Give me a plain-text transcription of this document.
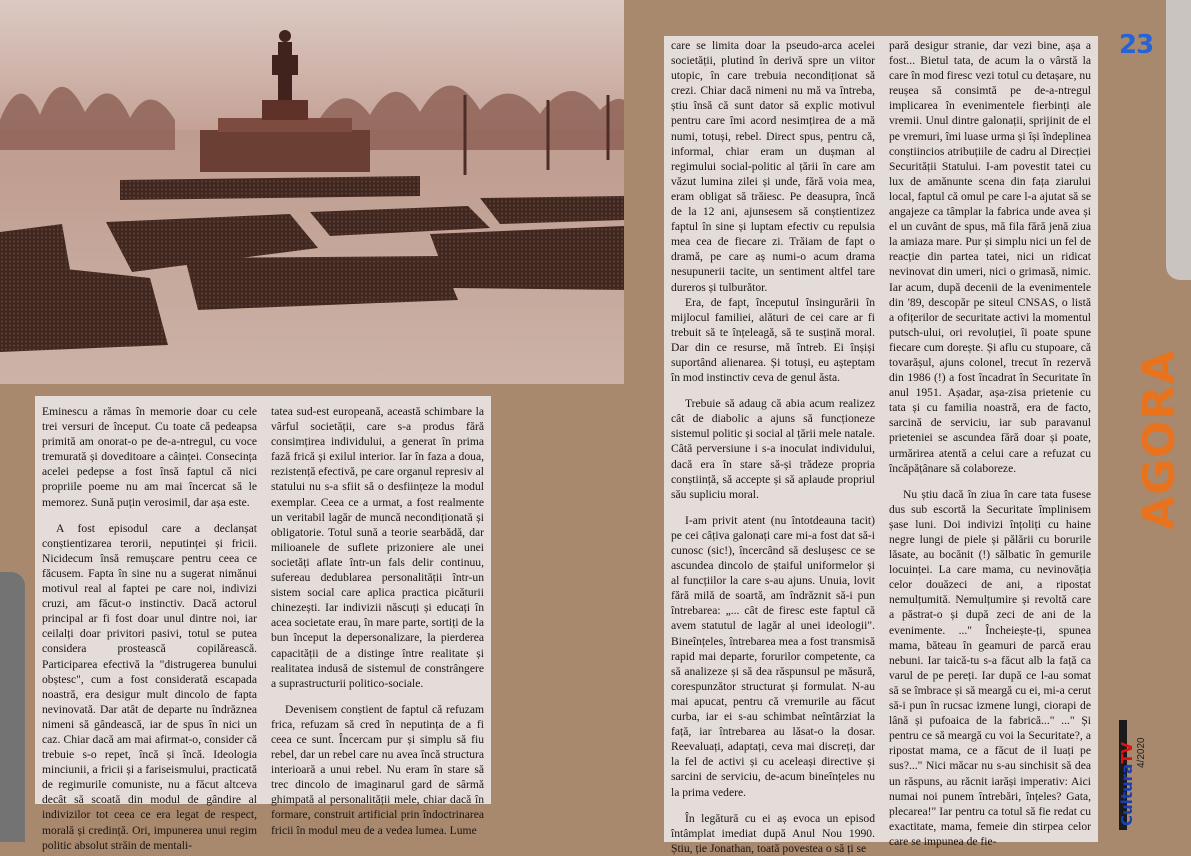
23
AGORA
CulturaTV 4/2020

Eminescu a rămas în memorie doar cu cele trei versuri de început. Cu toate că pedeapsa primită am onorat-o pe de-a-ntregul, cu voce tremurată și doveditoare a câinței. Consecința acelei pedepse a fost însă faptul că nici propriile poeme nu am mai încercat să le memorez. Sună puțin verosimil, dar așa este.

A fost episodul care a declanșat conștientizarea terorii, neputinței și fricii. Nicidecum însă remușcare pentru ceea ce făcusem. Fapta în sine nu a sugerat nimănui motivul real al faptei pe care noi, indivizi cruzi, am făcut-o instinctiv. Dacă actorul principal ar fi fost doar unul dintre noi, iar ceilalți doar privitori pasivi, totul se putea considera prostească copilărească. Participarea efectivă la "distrugerea bunului obștesc", cum a fost considerată escapada noastră, era desigur mult dincolo de fapta nevinovată. Dar atât de departe nu îndrăznea nimeni să gândească, iar de spus în nici un caz. Chiar dacă am mai afirmat-o, consider că trebuie s-o repet, încă și încă. Ideologia minciunii, a fricii și a fariseismului, practicată de regimurile comuniste, nu a făcut altceva decât să scoată din modul de gândire al indivizilor tot ceea ce era legat de respect, morală și credință. Ori, impunerea unui regim politic absolut străin de mentali-

tatea sud-est europeană, această schimbare la vârful societății, care s-a produs fără consimțirea individului, a generat în prima fază frică și exilul interior. Iar în faza a doua, rezistență efectivă, pe care organul represiv al statului nu s-a sfiit să o desființeze la modul exemplar. Ceea ce a urmat, a fost realmente un veritabil lagăr de muncă necondiționată și obligatorie. Totul sună a teorie searbădă, dar milioanele de suflete prizoniere ale unei societăți aflate într-un fals delir continuu, sufereau dedublarea personalității într-un sistem social care aplica practica picăturii chinezești. Iar indivizii născuți și educați în acea societate erau, în mare parte, sortiți de la bun început la depersonalizare, la pierderea capacității de a distinge între realitate și realitatea indusă de sistemul de constrângere a suprastructurii politico-sociale.

Devenisem conștient de faptul că refuzam frica, refuzam să cred în neputința de a fi ceea ce sunt. Încercam pur și simplu să fiu rebel, dar un rebel care nu avea încă structura interioară a unui rebel. Nu eram în stare să trec dincolo de imaginarul gard de sârmă ghimpată al personalității mele, chiar dacă în formare, construit artificial prin îndoctrinarea fricii în modul meu de a vedea lumea. Lume

care se limita doar la pseudo-arca acelei societății, plutind în derivă spre un viitor utopic, în care trebuia necondiționat să crezi. Chiar dacă nimeni nu mă va întreba, știu însă că sunt dator să explic motivul pentru care îmi acord nesimțirea de a mă numi, totuși, rebel. Direct spus, pentru că, informal, chiar eram un dușman al regimului social-politic al țării în care am văzut lumina zilei și unde, fără voia mea, eram obligat să trăiesc. Pe deasupra, încă de la 12 ani, ajunsesem să conștientizez faptul în sine și luptam efectiv cu repulsia mea cea de fiecare zi. Trăiam de fapt o dramă, pe care aș numi-o acum drama nesupunerii tacite, un sentiment altfel tare dureros și tulburător.

Era, de fapt, începutul însingurării în mijlocul familiei, alături de cei care ar fi trebuit să te înțeleagă, să te susțină moral. Dar din ce resurse, mă întreb. Ei înșiși suportând alienarea. Și totuși, eu așteptam în mod instinctiv ceva de genul ăsta.

Trebuie să adaug că abia acum realizez cât de diabolic a ajuns să funcționeze sistemul politic și social al țării mele natale. Câtă perversiune i s-a inoculat individului, dacă era în stare să-și trădeze propria conștiință, să accepte și să aplaude propriul său supliciu moral.

I-am privit atent (nu întotdeauna tacit) pe cei câțiva galonați care mi-a fost dat să-i cunosc (sic!), încercând să deslușesc ce se ascundea dincolo de ștaiful uniformelor și al funcțiilor la care s-au ajuns. Unuia, lovit fără milă de soartă, am îndrăznit să-i pun întrebarea: „... cât de firesc este faptul că avem statutul de lagăr al unei ideologii". Bineînțeles, întrebarea mea a fost transmisă rapid mai departe, forurilor competente, ca să analizeze și să dea răspunsul pe măsură, corespunzător structurat și formulat. N-au mai apucat, pentru că vremurile au făcut curba, iar ei s-au schimbat neîntârziat la față, iar întrebarea au lăsat-o la dosar. Reevaluați, adaptați, ceva mai discreți, dar la fel de activi și cu aceleași directive și sarcini de serviciu, de-acum bineînțeles nu la prima vedere.

În legătură cu ei aș evoca un episod întâmplat imediat după Anul Nou 1990. Știu, ție Jonathan, toată povestea o să ți se

pară desigur stranie, dar vezi bine, așa a fost... Bietul tata, de acum la o vârstă la care în mod firesc vezi totul cu detașare, nu reușea să consimtă pe de-a-ntregul implicarea în evenimentele fierbinți ale vremii. Unul dintre galonații, sprijinit de el pe vremuri, îmi luase urma și își îndeplinea conștiincios atribuțiile de cadru al Direcției Securității Statului. I-am povestit tatei cu lux de amănunte scena din fața ziarului local, faptul că omul pe care l-a ajutat să se angajeze ca tâmplar la fabrica unde avea și el un cuvânt de spus, mă fila fără jenă ziua la amiaza mare. Pur și simplu nici un fel de reacție din partea tatei, nici un ridicat nevinovat din umeri, nici o grimasă, nimic. Iar acum, după decenii de la evenimentele din '89, descopăr pe siteul CNSAS, o listă a ofițerilor de securitate activi la momentul putsch-ului, ori revoluției, îi poate spune fiecare cum dorește. Și aflu cu stupoare, că tovarășul, ajuns colonel, trecut în rezervă din 1986 (!) a fost încadrat în Securitate în anul 1951. Așadar, așa-zisa prietenie cu tata și cu familia noastră, era de facto, sarcină de serviciu, iar sub paravanul prieteniei se ascundea fără doar și poate, urmărirea atentă a celui care a refuzat cu încăpățânare să colaboreze.

Nu știu dacă în ziua în care tata fusese dus sub escortă la Securitate împlinisem șase luni. Doi indivizi înțoliți cu haine negre lungi de piele și pălării cu borurile lăsate, au bocănit (!) sălbatic în gemurile locuinței. La care mama, cu nevinovăția celor douăzeci de ani, a ripostat nemulțumită. Nemulțumire și revoltă care a păstrat-o și după zeci de ani de la evenimente. ..." Încheiește-ți, spunea mama, băteau în geamuri de parcă erau nebuni. Iar taică-tu s-a făcut alb la față ca varul de pe pereți. Iar după ce l-au somat să se îmbrace și să meargă cu ei, mi-a cerut să-i pun în rucsac izmene lungi, ciorapi de lână și pufoaica de la fabrică..." ..." Și pentru ce să meargă cu voi la Securitate?, a ripostat mama, ce a făcut de il luați pe sus?..." Nici măcar nu s-au sinchisit să dea un răspuns, au răcnit iarăși imperativ: Aici numai noi punem întrebări, înțeles? Gata, plecarea!" Iar pentru ca totul să fie redat cu exactitate, mama, femeie din stirpea celor care se impunea de fie-
